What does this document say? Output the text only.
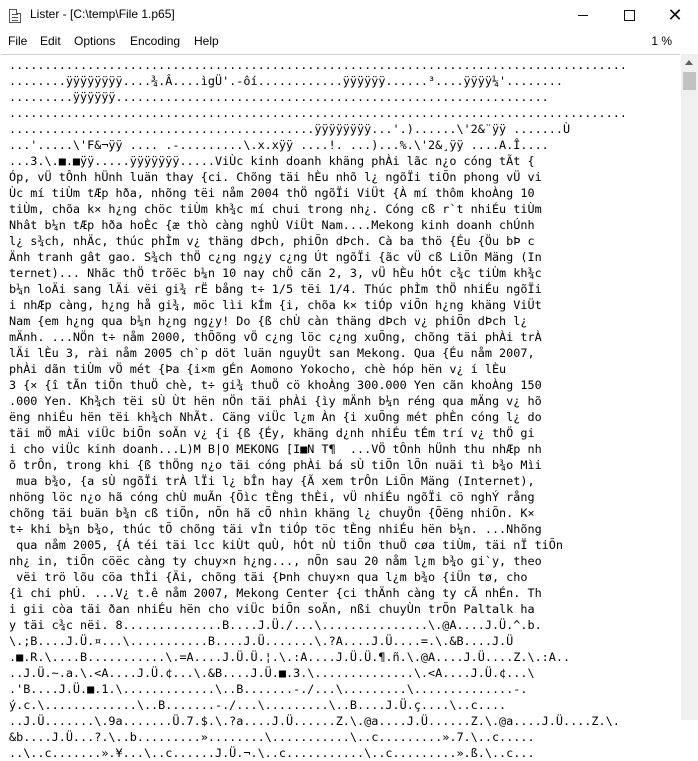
Lister - [C:\temp\File 1.p65]	✕
File Edit Options Encoding Help	1 %
.......................................................................................
........ÿÿÿÿÿÿÿÿ....¾.Â....ìgÜ'.-ôí............ÿÿÿÿÿÿ......³....ÿÿÿÿ¼'........
.........ÿÿÿÿÿÿ.............................................................
.......................................................................................
...........................................ÿÿÿÿÿÿÿÿ...'.)......\'2&¨ÿÿ .......Ù
...'.....\'F&¬ÿÿ .... .-.........\.x.xÿÿ ....!. ...)...%.\'2&¸ÿÿ ....A.Î....
...3.\.■.■ÿÿ.....ÿÿÿÿÿÿÿ.....ViÙc kinh doanh khäng phÀi lãc n¿o cóng tÃt {
Óp, vÜ tÔnh hÜnh luän thay {ci. Chõng täi hÈu nhõ l¿ ngõÏi tiÕn phong vÜ vi
Ùc mí tiÙm tÆp hða, nhõng tëi nåm 2004 thÖ ngõÏi ViÜt {À mí thôm khoÀng 10
tiÙm, chõa k× h¿ng chöc tiÙm kh¾c mí chui trong nh¿. Cóng cß r`t nhiÉu tiÙm
Nhât b¼n tÆp hða hoÈc {æ thò càng nghÙ ViÜt Nam....Mekong kinh doanh chÚnh
l¿ s¾ch, nhÄc, thúc phÌm v¿ thäng dÞch, phiÕn dÞch. Cà ba thö {Éu {Öu bÞ c
Änh tranh gât gao. S¾ch thÖ c¿ng ng¿y c¿ng Út ngõÏi {ãc vÜ cß LiÕn Mäng (In
ternet)... Nhãc thÖ trõëc b¼n 10 nay chÖ cãn 2, 3, vÜ hÈu hÓt c¾c tiÙm kh¾c
b¼n loÄi sang lÄi vëi gi¾ rË bång t÷ 1/5 tëi 1/4. Thúc phÌm thÖ nhiÉu ngõÏi
i nhÆp càng, h¿ng hå gi¾, möc lìi kÍm {i, chõa k× tiÓp viÕn h¿ng khäng ViÜt
Nam {em h¿ng qua b¼n h¿ng ng¿y! Do {ß chÙ càn thäng dÞch v¿ phiÕn dÞch l¿
mÄnh. ...NÖn t÷ nåm 2000, thÕõng vÖ c¿ng löc c¿ng xuÕng, chõng täi phÀi trÀ
lÄi lÈu 3, rài nåm 2005 ch`p döt luän nguyÜt san Mekong. Qua {Éu nåm 2007,
phÀi dãn tiÙm vÖ mét {Þa {i×m gÉn Aomono Yokocho, chè hóp hën v¿ í lÈu
3 {× {î tÃn tiÕn thuÖ chè, t÷ gi¾ thuÖ cö khoÀng 300.000 Yen cãn khoÀng 150
.000 Yen. Kh¾ch tëi sÙ Ùt hën nÖn täi phÀi {ìy mÄnh b¼n réng qua mÄng v¿ hõ
ëng nhiÉu hën tëi kh¾ch NhÃt. Cäng viÜc l¿m Àn {i xuÕng mét phÈn cóng l¿ do
täi mÖ mÀi viÜc biÕn soÄn v¿ {i {ß {Éy, khäng d¿nh nhiÉu tÉm trí v¿ thÖ gi
i cho viÜc kinh doanh...L)M B|O MEKONG [I■N T¶  ...VÖ tÔnh hÜnh thu nhÆp nh
õ trÔn, trong khi {ß thÖng n¿o täi cóng phÀi bá sÙ tiÕn lÕn nuäi tì b¾o Mìi
mua b¾o, {a sÙ ngõÏi trÀ lÏi l¿ bÎn hay {Ã xem trÔn LiÕn Mäng (Internet),
nhöng löc n¿o hã cóng chÙ muÃn {Õìc tÈng thÈi, vÜ nhiÉu ngõÏi cö nghÝ rång
chõng täi buän b¾n cß tiÕn, nÕn hã cÕ nhìn khäng l¿ chuyÖn {Õëng nhiÕn. K×
t÷ khi b¼n b¾o, thúc tÕ chõng täi vÌn tiÓp töc tÈng nhiÉu hën b¼n. ...Nhõng
qua nåm 2005, {Á téi täi lcc kiÙt quÙ, hÓt nÙ tiÕn thuÖ cøa tiÙm, täi nÏ tiÕn
nh¿ in, tiÕn cöëc càng ty chuy×n h¿ng..., nÕn sau 20 nåm l¿m b¾o gi`y, theo
vëi trö lõu cöa thÌi {Äi, chõng täi {Þnh chuy×n qua l¿m b¾o {iÜn tø, cho
{ì chi phÚ. ...V¿ t.ê nåm 2007, Mekong Center {ci thÄnh càng ty cÃ nhÉn. Th
i gii còa täi ðan nhiÉu hën cho viÜc biÕn soÄn, nßi chuyÙn trÕn Paltalk ha
y täi c¾c nëi. 8..............B....J.Ü./...\...............\.@A....J.Ü.^.b.
\.;B....J.Ü.¤...\...........B....J.Ü.......\.?A....J.Ü....=.\.&B....J.Ü
.■.R.\....B...........\.=A....J.Ü.Ü.¦.\.:A....J.Ü.Ü.¶.ñ.\.@A....J.Ü....Z.\.:A..
..J.Ü.~.a.\.<A....J.Ü.¢...\.&B....J.Ü.■.3.\..............\.<A....J.Ü.¢...\
.'B....J.Ü.■.1.\.............\..B.......-./...\.........\..............-.
ý.c.\.............\..B.......-./...\.........\..B....J.Ü.ç....\..c....
..J.Ü.......\.9a.......Ü.7.$.\.?a....J.Ü......Z.\.@a....J.Ü......Z.\.@a....J.Ü....Z.\.
&b....J.Ü...?.\..b.........»........\...........\..c.........».7.\..c.....
..\..c.......».¥...\..c......J.Ü.¬.\..c...........\..c.........».ß.\..c...
